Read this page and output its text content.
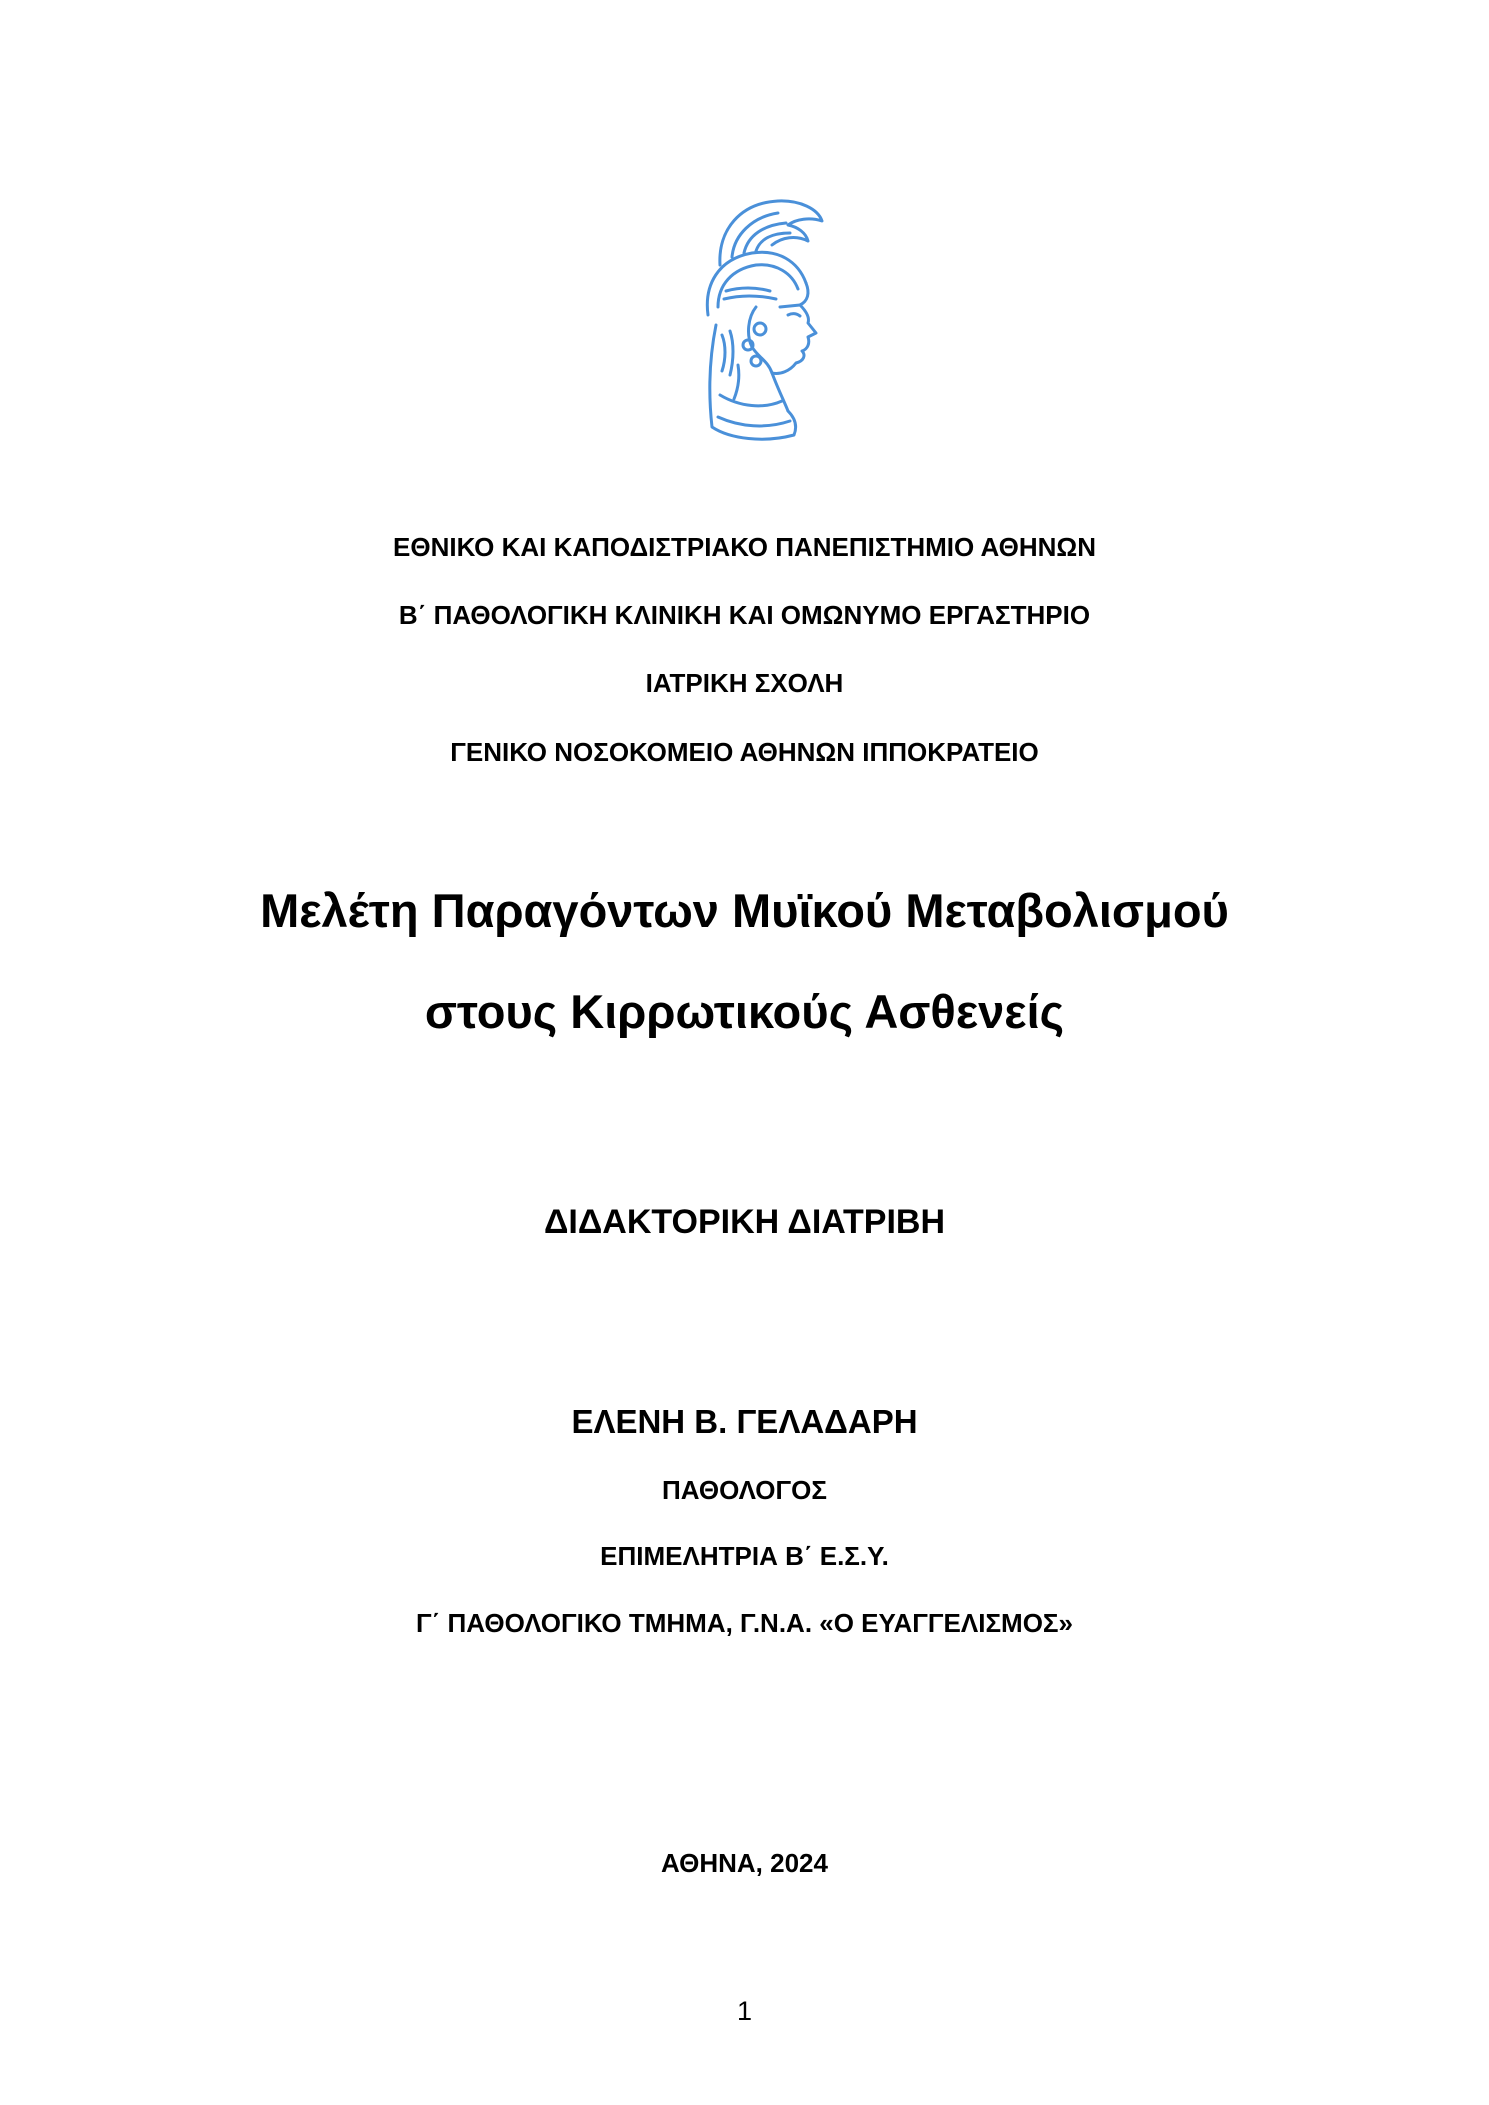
ΕΘΝΙΚΟ ΚΑΙ ΚΑΠΟΔΙΣΤΡΙΑΚΟ ΠΑΝΕΠΙΣΤΗΜΙΟ ΑΘΗΝΩΝ
Β΄ ΠΑΘΟΛΟΓΙΚΗ ΚΛΙΝΙΚΗ ΚΑΙ ΟΜΩΝΥΜΟ ΕΡΓΑΣΤΗΡΙΟ
ΙΑΤΡΙΚΗ ΣΧΟΛΗ
ΓΕΝΙΚΟ ΝΟΣΟΚΟΜΕΙΟ ΑΘΗΝΩΝ ΙΠΠΟΚΡΑΤΕΙΟ
Μελέτη Παραγόντων Μυϊκού Μεταβολισμού
στους Κιρρωτικούς Ασθενείς
ΔΙΔΑΚΤΟΡΙΚΗ ΔΙΑΤΡΙΒΗ
ΕΛΕΝΗ Β. ΓΕΛΑΔΑΡΗ
ΠΑΘΟΛΟΓΟΣ
ΕΠΙΜΕΛΗΤΡΙΑ Β΄ Ε.Σ.Υ.
Γ΄ ΠΑΘΟΛΟΓΙΚΟ ΤΜΗΜΑ, Γ.Ν.Α. «Ο ΕΥΑΓΓΕΛΙΣΜΟΣ»
ΑΘΗΝΑ, 2024
1
